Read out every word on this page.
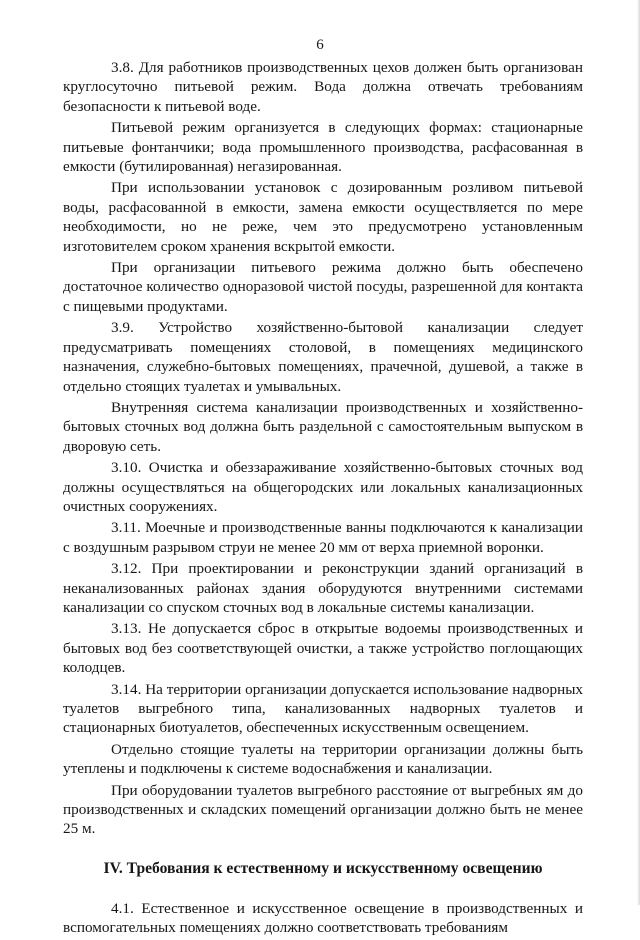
6

3.8. Для работников производственных цехов должен быть организован круглосуточно питьевой режим. Вода должна отвечать требованиям безопасности к питьевой воде.

Питьевой режим организуется в следующих формах: стационарные питьевые фонтанчики; вода промышленного производства, расфасованная в емкости (бутилированная) негазированная.

При использовании установок с дозированным розливом питьевой воды, расфасованной в емкости, замена емкости осуществляется по мере необходимости, но не реже, чем это предусмотрено установленным изготовителем сроком хранения вскрытой емкости.

При организации питьевого режима должно быть обеспечено достаточное количество одноразовой чистой посуды, разрешенной для контакта с пищевыми продуктами.

3.9. Устройство хозяйственно-бытовой канализации следует предусматривать помещениях столовой, в помещениях медицинского назначения, служебно-бытовых помещениях, прачечной, душевой, а также в отдельно стоящих туалетах и умывальных.

Внутренняя система канализации производственных и хозяйственно-бытовых сточных вод должна быть раздельной с самостоятельным выпуском в дворовую сеть.

3.10. Очистка и обеззараживание хозяйственно-бытовых сточных вод должны осуществляться на общегородских или локальных канализационных очистных сооружениях.

3.11. Моечные и производственные ванны подключаются к канализации с воздушным разрывом струи не менее 20 мм от верха приемной воронки.

3.12. При проектировании и реконструкции зданий организаций в неканализованных районах здания оборудуются внутренними системами канализации со спуском сточных вод в локальные системы канализации.

3.13. Не допускается сброс в открытые водоемы производственных и бытовых вод без соответствующей очистки, а также устройство поглощающих колодцев.

3.14. На территории организации допускается использование надворных туалетов выгребного типа, канализованных надворных туалетов и стационарных биотуалетов, обеспеченных искусственным освещением.

Отдельно стоящие туалеты на территории организации должны быть утеплены и подключены к системе водоснабжения и канализации.

При оборудовании туалетов выгребного расстояние от выгребных ям до производственных и складских помещений организации должно быть не менее 25 м.

IV. Требования к естественному и искусственному освещению

4.1. Естественное и искусственное освещение в производственных и вспомогательных помещениях должно соответствовать требованиям
